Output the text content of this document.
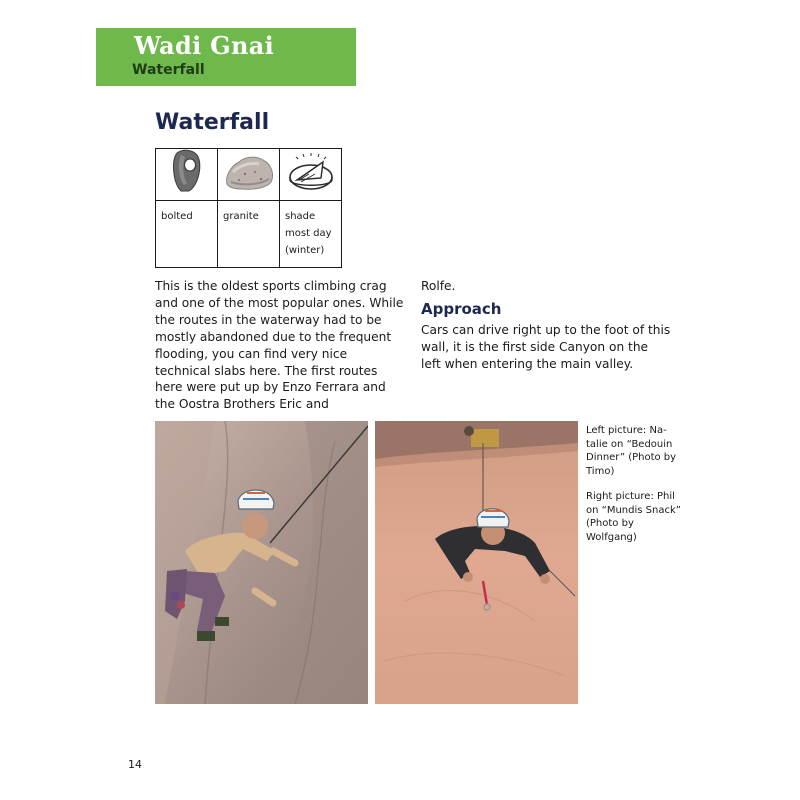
Wadi Gnai
Waterfall
Waterfall

bolted	granite	shade most day (winter)

This is the oldest sports climbing crag and one of the most popular ones. While the routes in the waterway had to be mostly abandoned due to the frequent flooding, you can find very nice technical slabs here. The first routes here were put up by Enzo Ferrara and the Oostra Brothers Eric and

Rolfe.

Approach

Cars can drive right up to the foot of this wall, it is the first side Canyon on the left when entering the main valley.

Left picture: Na- talie on “Bedouin Dinner” (Photo by Timo)
Right picture: Phil on “Mundis Snack” (Photo by Wolfgang)
14
